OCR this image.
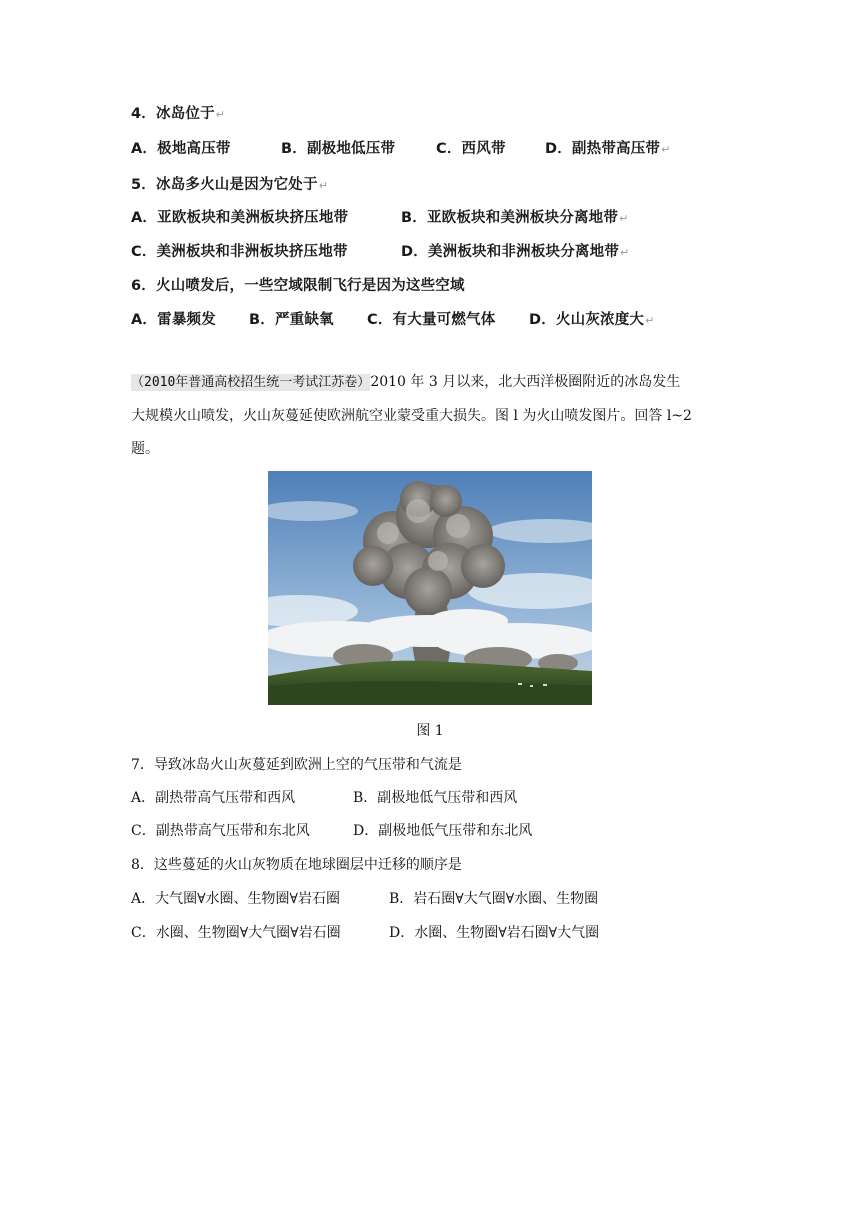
4．冰岛位于↵
A．极地高压带	B．副极地低压带	C．西风带	D．副热带高压带↵
5．冰岛多火山是因为它处于↵
A．亚欧板块和美洲板块挤压地带	B．亚欧板块和美洲板块分离地带↵
C．美洲板块和非洲板块挤压地带	D．美洲板块和非洲板块分离地带↵
6．火山喷发后，一些空域限制飞行是因为这些空域
A．雷暴频发 B．严重缺氧 C．有大量可燃气体 D．火山灰浓度大↵
（2010年普通高校招生统一考试江苏卷）2010 年 3 月以来，北大西洋极圈附近的冰岛发生
大规模火山喷发，火山灰蔓延使欧洲航空业蒙受重大损失。图 l 为火山喷发图片。回答 l~2
题。
图 1
7．导致冰岛火山灰蔓延到欧洲上空的气压带和气流是
A．副热带高气压带和西风	B．副极地低气压带和西风
C．副热带高气压带和东北风	D．副极地低气压带和东北风
8．这些蔓延的火山灰物质在地球圈层中迁移的顺序是
A．大气圈∀水圈、生物圈∀岩石圈	B．岩石圈∀大气圈∀水圈、生物圈
C．水圈、生物圈∀大气圈∀岩石圈	D．水圈、生物圈∀岩石圈∀大气圈
